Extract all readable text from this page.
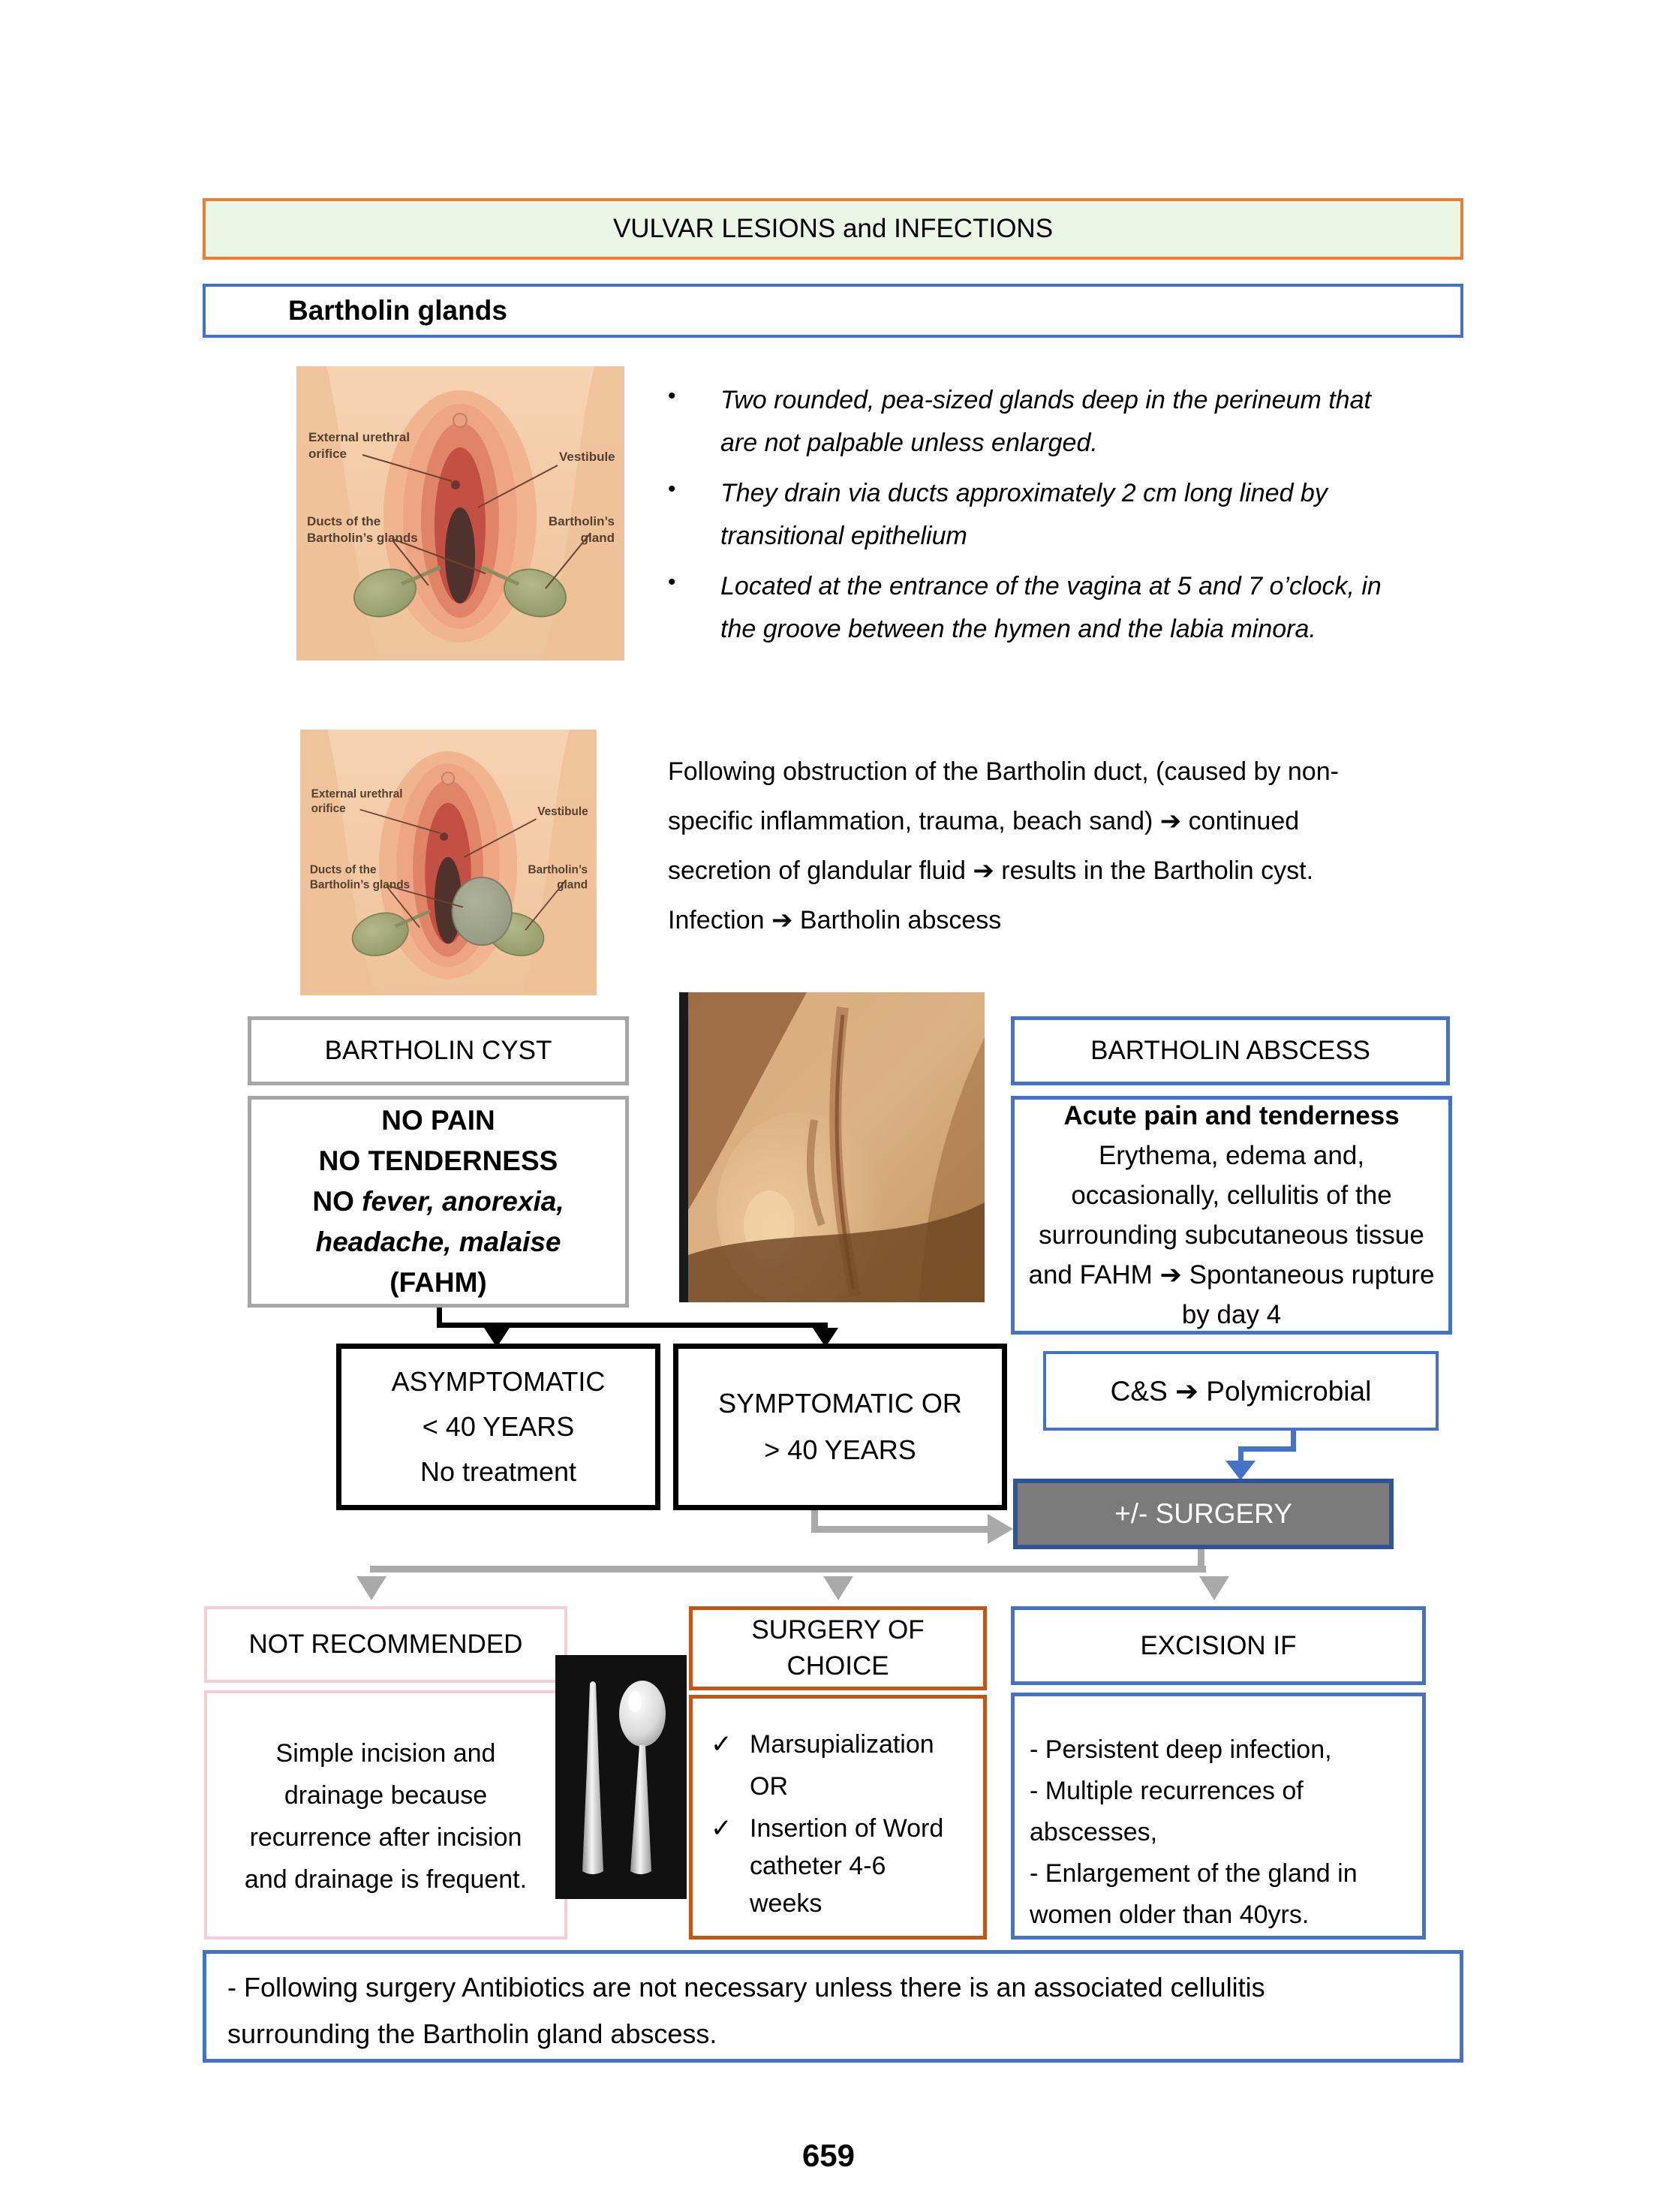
VULVAR LESIONS and INFECTIONS
Bartholin glands
External urethral
orifice	Vestibule
Ducts of the
Bartholin’s glands
Bartholin’s
gland
•	Two rounded, pea-sized glands deep in the perineum that are not palpable unless enlarged.
•	They drain via ducts approximately 2 cm long lined by transitional epithelium
•	Located at the entrance of the vagina at 5 and 7 o’clock, in the groove between the hymen and the labia minora.
External urethral
orifice	Vestibule
Ducts of the
Bartholin’s glands
Bartholin’s
gland
Following obstruction of the Bartholin duct, (caused by non-specific inflammation, trauma, beach sand) ➔ continued secretion of glandular fluid ➔ results in the Bartholin cyst.
Infection ➔ Bartholin abscess
BARTHOLIN CYST	BARTHOLIN ABSCESS
NO PAIN
NO TENDERNESS
NO fever, anorexia,
headache, malaise
(FAHM)
Acute pain and tenderness
Erythema, edema and, occasionally, cellulitis of the surrounding subcutaneous tissue and FAHM ➔ Spontaneous rupture by day 4
ASYMPTOMATIC
< 40 YEARS
No treatment
SYMPTOMATIC OR
> 40 YEARS
C&S ➔ Polymicrobial
+/- SURGERY
NOT RECOMMENDED
Simple incision and drainage because recurrence after incision and drainage is frequent.
SURGERY OF CHOICE
✓ Marsupialization
OR
✓ Insertion of Word catheter 4-6 weeks
EXCISION IF
- Persistent deep infection,
- Multiple recurrences of abscesses,
- Enlargement of the gland in women older than 40yrs.
- Following surgery Antibiotics are not necessary unless there is an associated cellulitis surrounding the Bartholin gland abscess.
659
